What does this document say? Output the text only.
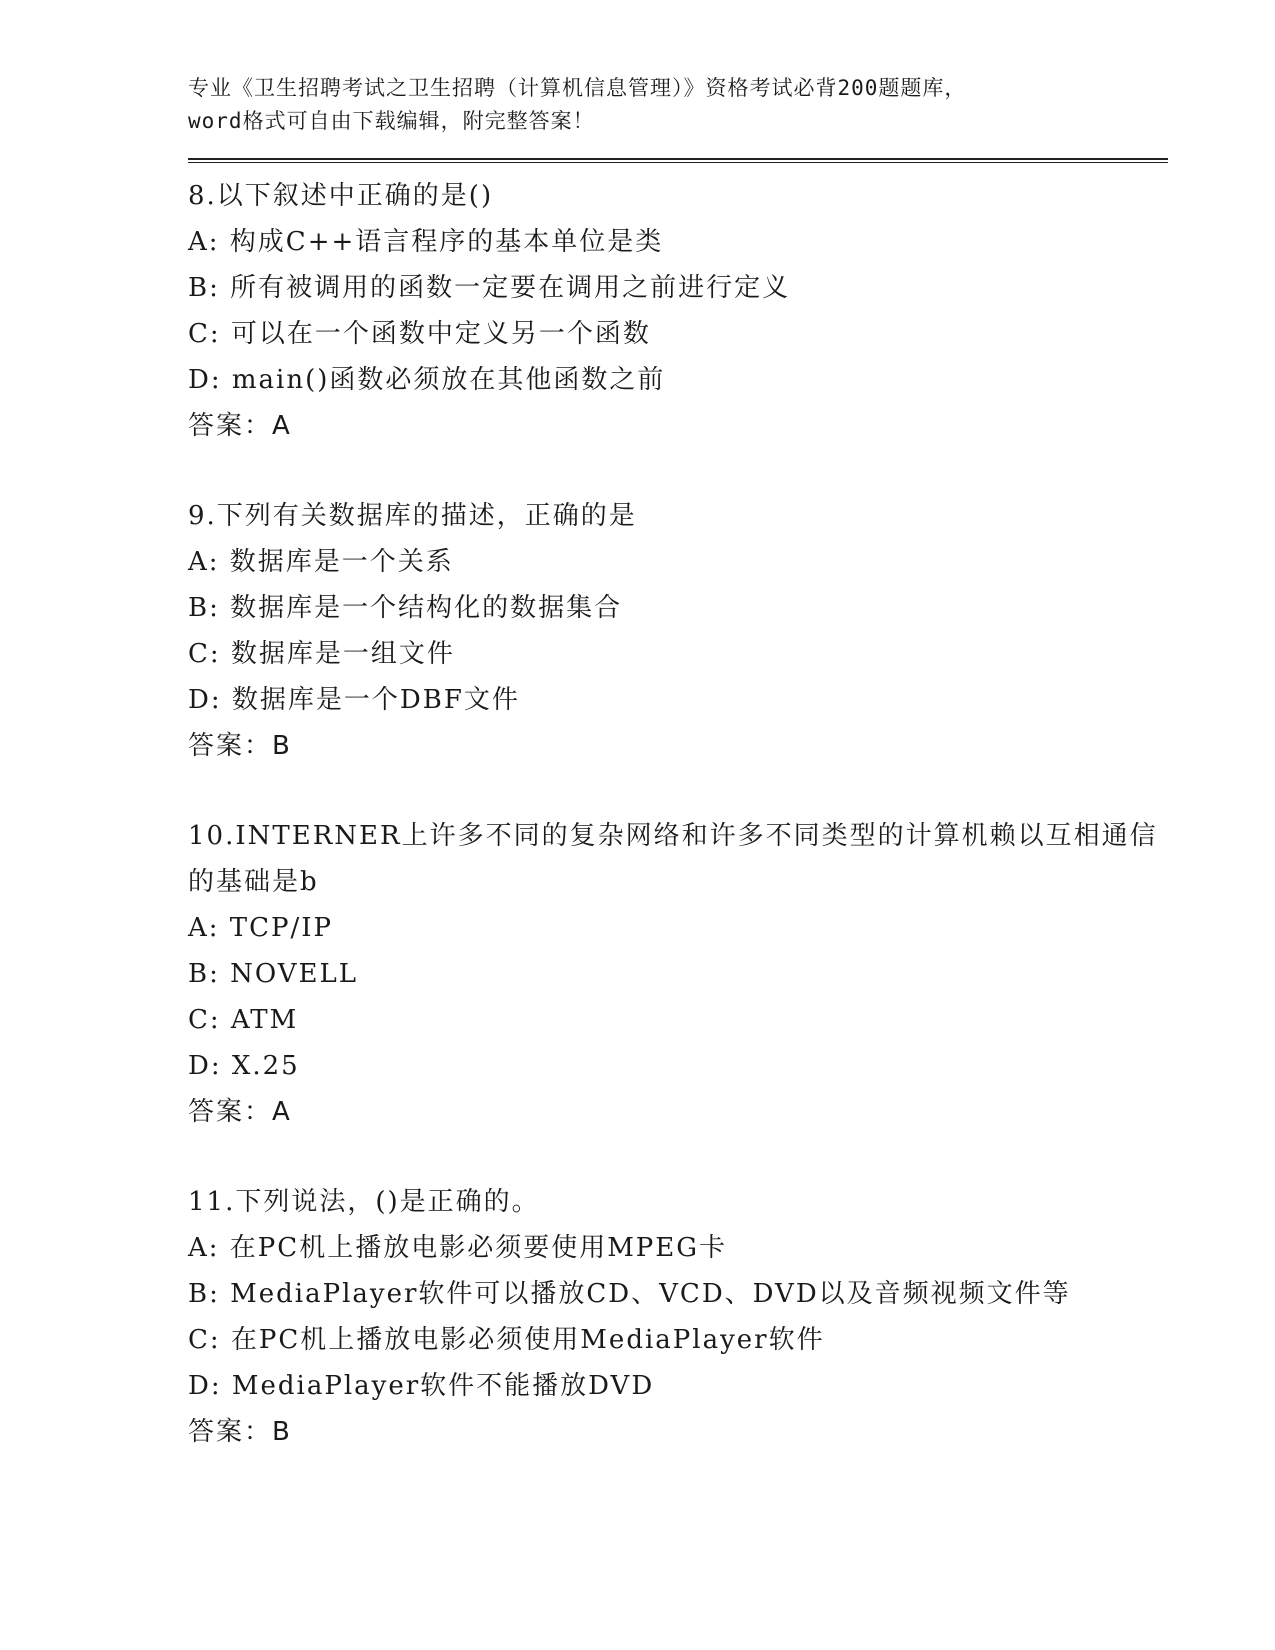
专业《卫生招聘考试之卫生招聘（计算机信息管理）》资格考试必背200题题库，

word格式可自由下载编辑，附完整答案！

8.以下叙述中正确的是()

A: 构成C++语言程序的基本单位是类

B: 所有被调用的函数一定要在调用之前进行定义

C: 可以在一个函数中定义另一个函数

D: main()函数必须放在其他函数之前

答案：A

9.下列有关数据库的描述，正确的是

A: 数据库是一个关系

B: 数据库是一个结构化的数据集合

C: 数据库是一组文件

D: 数据库是一个DBF文件

答案：B

10.INTERNER上许多不同的复杂网络和许多不同类型的计算机赖以互相通信的基础是b

A: TCP/IP

B: NOVELL

C: ATM

D: X.25

答案：A

11.下列说法，()是正确的。

A: 在PC机上播放电影必须要使用MPEG卡

B: MediaPlayer软件可以播放CD、VCD、DVD以及音频视频文件等

C: 在PC机上播放电影必须使用MediaPlayer软件

D: MediaPlayer软件不能播放DVD

答案：B
